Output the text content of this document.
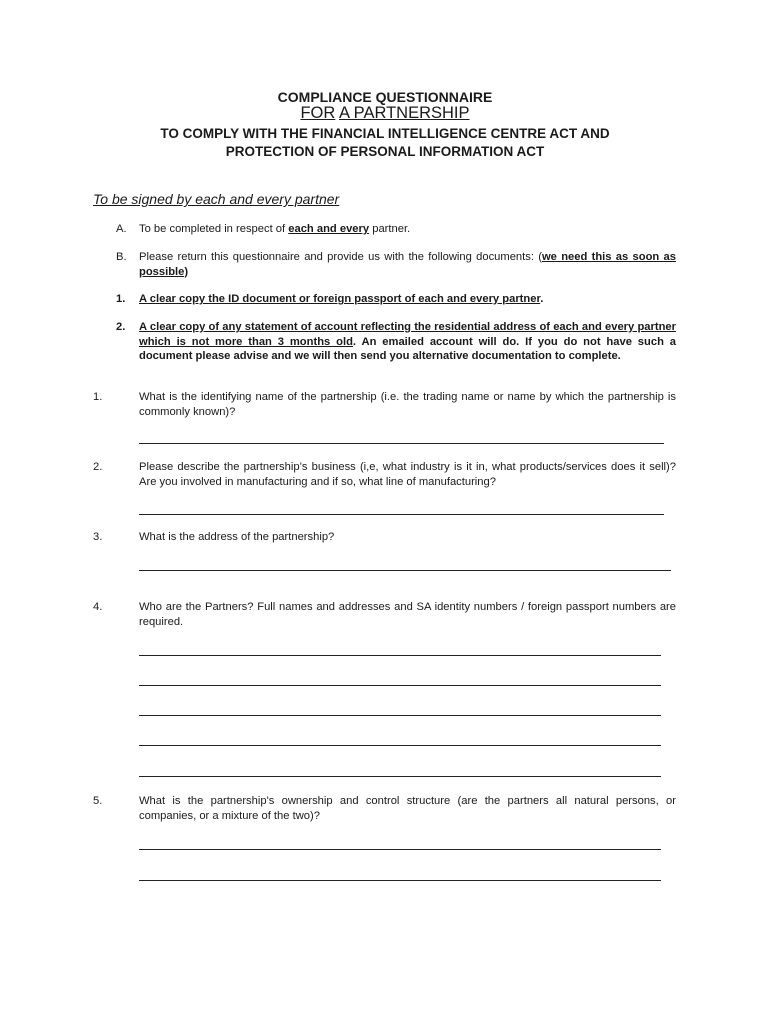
COMPLIANCE QUESTIONNAIRE
FOR A PARTNERSHIP
TO COMPLY WITH THE FINANCIAL INTELLIGENCE CENTRE ACT AND
PROTECTION OF PERSONAL INFORMATION ACT
To be signed by each and every partner
A. To be completed in respect of each and every partner.
B. Please return this questionnaire and provide us with the following documents: (we need this as soon as possible)
1. A clear copy the ID document or foreign passport of each and every partner.
2. A clear copy of any statement of account reflecting the residential address of each and every partner which is not more than 3 months old. An emailed account will do. If you do not have such a document please advise and we will then send you alternative documentation to complete.
1.	What is the identifying name of the partnership (i.e. the trading name or name by which the partnership is commonly known)?
2.	Please describe the partnership’s business (i,e, what industry is it in, what products/services does it sell)? Are you involved in manufacturing and if so, what line of manufacturing?
3.	What is the address of the partnership?
4.	Who are the Partners? Full names and addresses and SA identity numbers / foreign passport numbers are required.
5.	What is the partnership's ownership and control structure (are the partners all natural persons, or companies, or a mixture of the two)?
